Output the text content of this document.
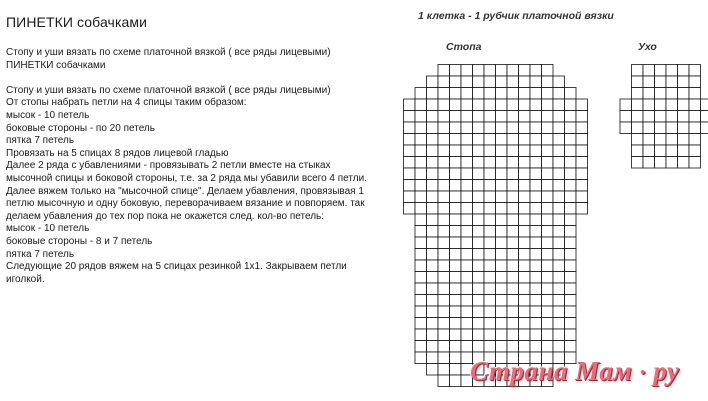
ПИНЕТКИ собачками
Стопу и уши вязать по схеме платочной вязкой ( все ряды лицевыми)
ПИНЕТКИ собачками
Стопу и уши вязать по схеме платочной вязкой ( все ряды лицевыми)
От стопы набрать петли на 4 спицы таким образом:
мысок - 10 петель
боковые стороны - по 20 петель
пятка 7 петель
Провязать на 5 спицах 8 рядов лицевой гладью
Далее 2 ряда с убавлениями - провязывать 2 петли вместе на стыках
мысочной спицы и боковой стороны, т.е. за 2 ряда мы убавили всего 4 петли.
Далее вяжем только на "мысочной спице". Делаем убавления, провязывая 1
петлю мысочную и одну боковую, переворачиваем вязание и повпоряем. так
делаем убавления до тех пор пока не окажется след. кол-во петель:
мысок - 10 петель
боковые стороны - 8 и 7 петель
пятка 7 петель
Следующие 20 рядов вяжем на 5 спицах резинкой 1х1. Закрываем петли
иголкой.
1 клетка - 1 рубчик платочной вязки
Стопа	Ухо
Страна Мам · ру
